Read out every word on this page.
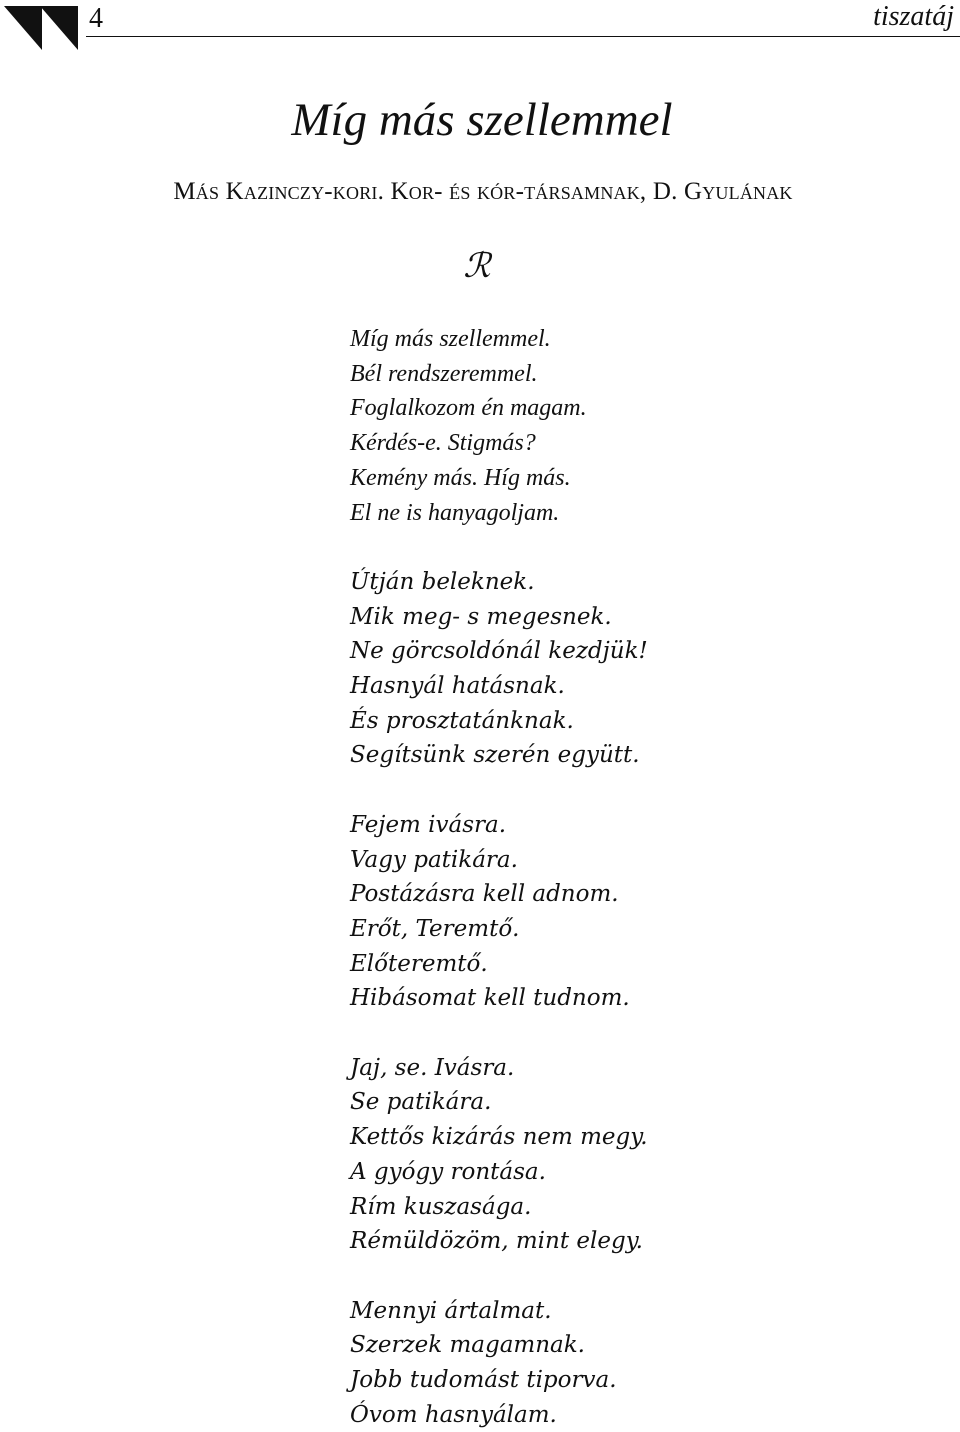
4	tiszatáj
Míg más szellemmel
Más Kazinczy-kori. Kor- és kór-társamnak, D. Gyulának
ℛ
Míg más szellemmel.
Bél rendszeremmel.
Foglalkozom én magam.
Kérdés-e. Stigmás?
Kemény más. Híg más.
El ne is hanyagoljam.
Útján beleknek.
Mik meg- s megesnek.
Ne görcsoldónál kezdjük!
Hasnyál hatásnak.
És prosztatánknak.
Segítsünk szerén együtt.
Fejem ivásra.
Vagy patikára.
Postázásra kell adnom.
Erőt, Teremtő.
Előteremtő.
Hibásomat kell tudnom.
Jaj, se. Ivásra.
Se patikára.
Kettős kizárás nem megy.
A gyógy rontása.
Rím kuszasága.
Rémüldözöm, mint elegy.
Mennyi ártalmat.
Szerzek magamnak.
Jobb tudomást tiporva.
Óvom hasnyálam.
